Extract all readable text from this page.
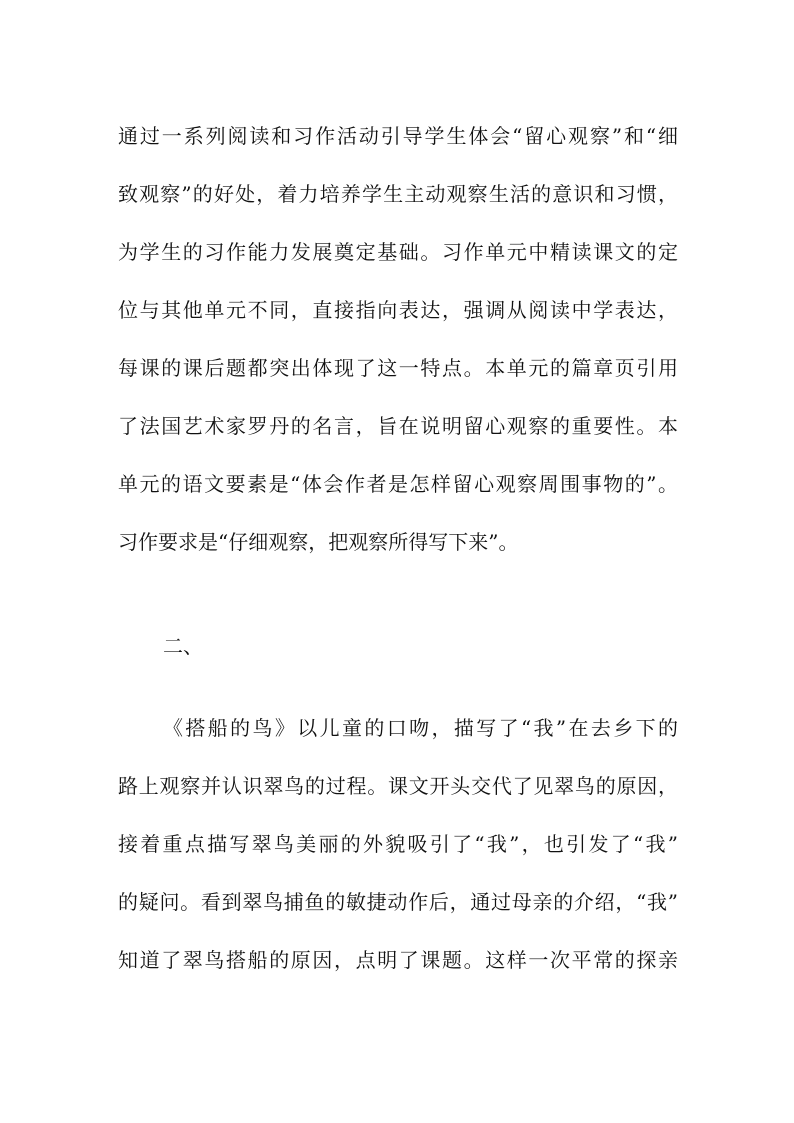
通过一系列阅读和习作活动引导学生体会“留心观察”和“细
致观察”的好处，着力培养学生主动观察生活的意识和习惯，
为学生的习作能力发展奠定基础。习作单元中精读课文的定
位与其他单元不同，直接指向表达，强调从阅读中学表达，
每课的课后题都突出体现了这一特点。本单元的篇章页引用
了法国艺术家罗丹的名言，旨在说明留心观察的重要性。本
单元的语文要素是“体会作者是怎样留心观察周围事物的”。
习作要求是“仔细观察，把观察所得写下来”。
二、
《搭船的鸟》以儿童的口吻，描写了“我”在去乡下的
路上观察并认识翠鸟的过程。课文开头交代了见翠鸟的原因，
接着重点描写翠鸟美丽的外貌吸引了“我”，也引发了“我”
的疑问。看到翠鸟捕鱼的敏捷动作后，通过母亲的介绍，“我”
知道了翠鸟搭船的原因，点明了课题。这样一次平常的探亲
